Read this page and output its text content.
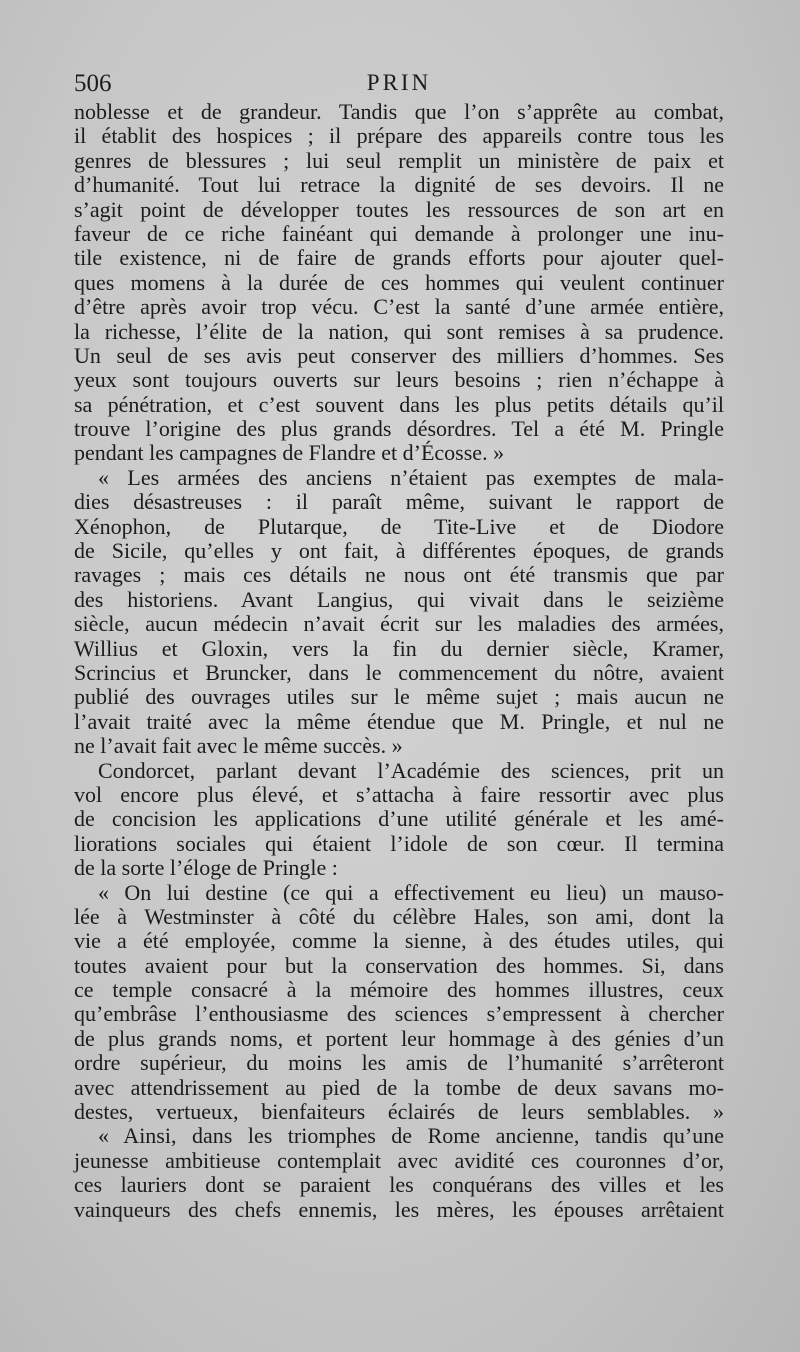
506	PRIN
noblesse et de grandeur. Tandis que l’on s’apprête au combat,
il établit des hospices ; il prépare des appareils contre tous les
genres de blessures ; lui seul remplit un ministère de paix et
d’humanité. Tout lui retrace la dignité de ses devoirs. Il ne
s’agit point de développer toutes les ressources de son art en
faveur de ce riche fainéant qui demande à prolonger une inu-
tile existence, ni de faire de grands efforts pour ajouter quel-
ques momens à la durée de ces hommes qui veulent continuer
d’être après avoir trop vécu. C’est la santé d’une armée entière,
la richesse, l’élite de la nation, qui sont remises à sa prudence.
Un seul de ses avis peut conserver des milliers d’hommes. Ses
yeux sont toujours ouverts sur leurs besoins ; rien n’échappe à
sa pénétration, et c’est souvent dans les plus petits détails qu’il
trouve l’origine des plus grands désordres. Tel a été M. Pringle
pendant les campagnes de Flandre et d’Écosse. »
« Les armées des anciens n’étaient pas exemptes de mala-
dies désastreuses : il paraît même, suivant le rapport de
Xénophon, de Plutarque, de Tite-Live et de Diodore
de Sicile, qu’elles y ont fait, à différentes époques, de grands
ravages ; mais ces détails ne nous ont été transmis que par
des historiens. Avant Langius, qui vivait dans le seizième
siècle, aucun médecin n’avait écrit sur les maladies des armées,
Willius et Gloxin, vers la fin du dernier siècle, Kramer,
Scrincius et Bruncker, dans le commencement du nôtre, avaient
publié des ouvrages utiles sur le même sujet ; mais aucun ne
l’avait traité avec la même étendue que M. Pringle, et nul ne
ne l’avait fait avec le même succès. »
Condorcet, parlant devant l’Académie des sciences, prit un
vol encore plus élevé, et s’attacha à faire ressortir avec plus
de concision les applications d’une utilité générale et les amé-
liorations sociales qui étaient l’idole de son cœur. Il termina
de la sorte l’éloge de Pringle :
« On lui destine (ce qui a effectivement eu lieu) un mauso-
lée à Westminster à côté du célèbre Hales, son ami, dont la
vie a été employée, comme la sienne, à des études utiles, qui
toutes avaient pour but la conservation des hommes. Si, dans
ce temple consacré à la mémoire des hommes illustres, ceux
qu’embrâse l’enthousiasme des sciences s’empressent à chercher
de plus grands noms, et portent leur hommage à des génies d’un
ordre supérieur, du moins les amis de l’humanité s’arrêteront
avec attendrissement au pied de la tombe de deux savans mo-
destes, vertueux, bienfaiteurs éclairés de leurs semblables. »
« Ainsi, dans les triomphes de Rome ancienne, tandis qu’une
jeunesse ambitieuse contemplait avec avidité ces couronnes d’or,
ces lauriers dont se paraient les conquérans des villes et les
vainqueurs des chefs ennemis, les mères, les épouses arrêtaient
